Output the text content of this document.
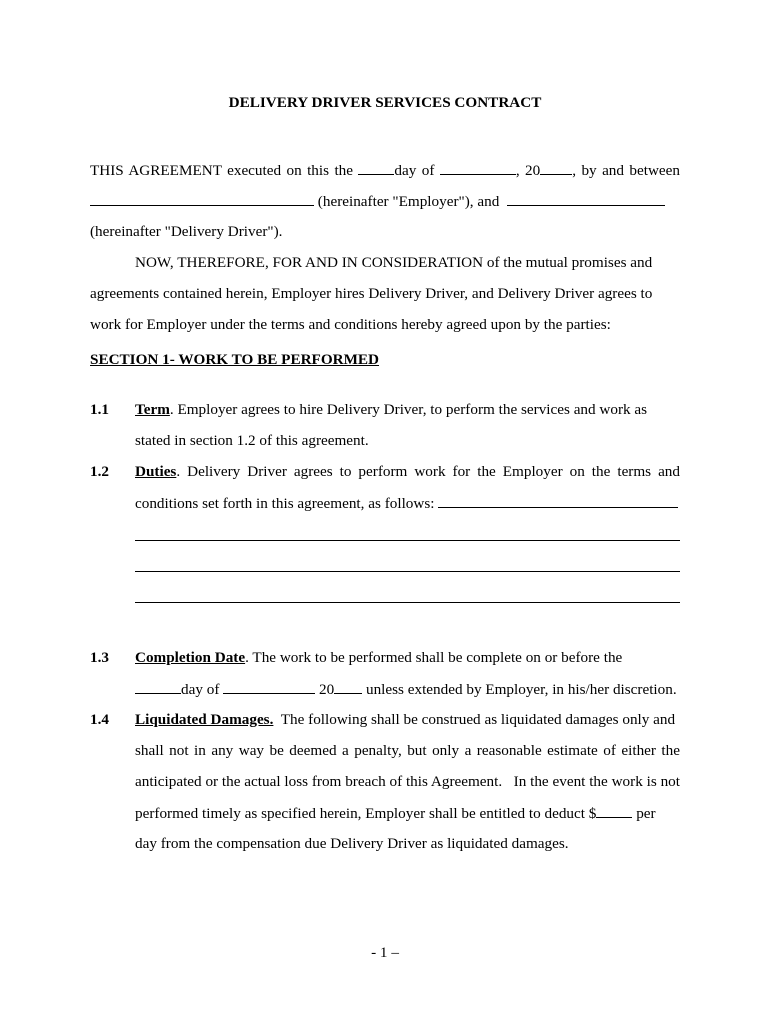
DELIVERY DRIVER SERVICES CONTRACT
THIS AGREEMENT executed on this the day of	, 20 , by and between
(hereinafter "Employer"), and
(hereinafter "Delivery Driver").
NOW, THEREFORE, FOR AND IN CONSIDERATION of the mutual promises and
agreements contained herein, Employer hires Delivery Driver, and Delivery Driver agrees to
work for Employer under the terms and conditions hereby agreed upon by the parties:
SECTION 1- WORK TO BE PERFORMED
1.1 Term. Employer agrees to hire Delivery Driver, to perform the services and work as
stated in section 1.2 of this agreement.
1.2 Duties. Delivery Driver agrees to perform work for the Employer on the terms and
conditions set forth in this agreement, as follows:
1.3 Completion Date. The work to be performed shall be complete on or before the
day of	20 unless extended by Employer, in his/her discretion.
1.4 Liquidated Damages. The following shall be construed as liquidated damages only and
shall not in any way be deemed a penalty, but only a reasonable estimate of either the
anticipated or the actual loss from breach of this Agreement.   In the event the work is not
performed timely as specified herein, Employer shall be entitled to deduct $	per
day from the compensation due Delivery Driver as liquidated damages.
- 1 –
